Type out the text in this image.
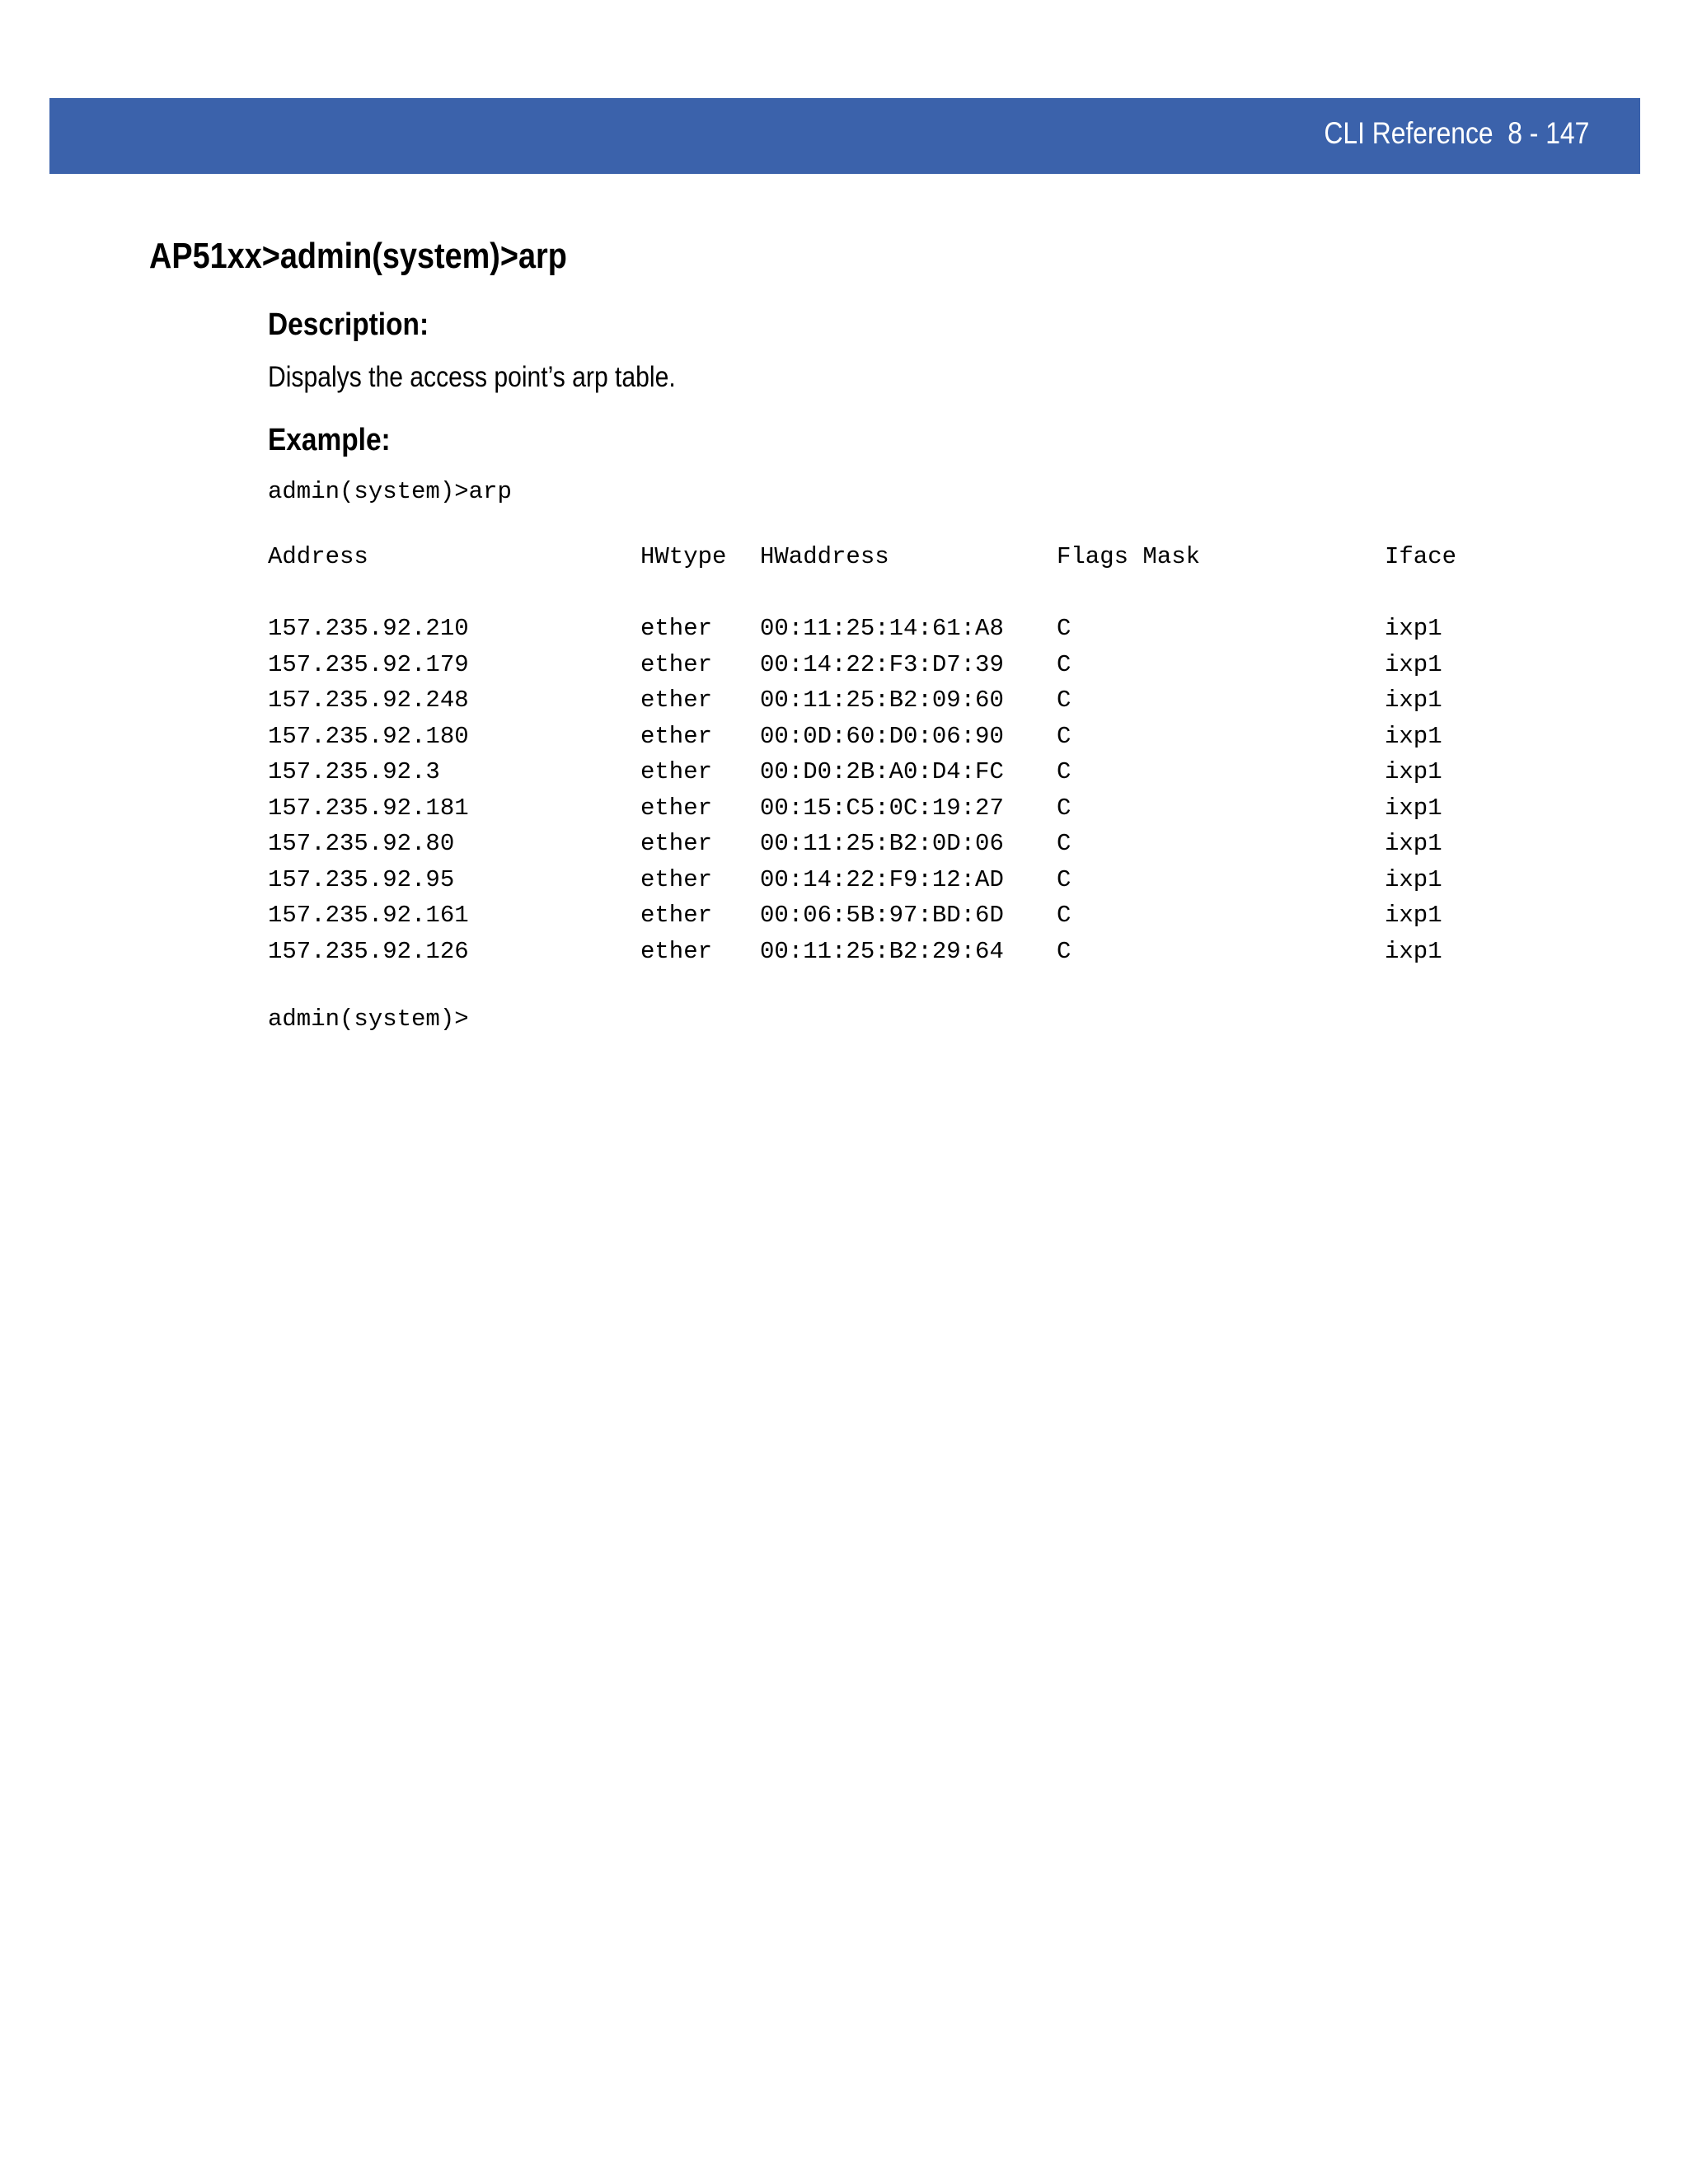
CLI Reference  8 - 147
AP51xx>admin(system)>arp
Description:
Dispalys the access point’s arp table.
Example:
admin(system)>arp
Address	HWtype HWaddress	Flags Mask	Iface
157.235.92.210	ether 00:11:25:14:61:A8 C	ixp1
157.235.92.179	ether 00:14:22:F3:D7:39 C	ixp1
157.235.92.248	ether 00:11:25:B2:09:60 C	ixp1
157.235.92.180	ether 00:0D:60:D0:06:90 C	ixp1
157.235.92.3	ether 00:D0:2B:A0:D4:FC C	ixp1
157.235.92.181	ether 00:15:C5:0C:19:27 C	ixp1
157.235.92.80	ether 00:11:25:B2:0D:06 C	ixp1
157.235.92.95	ether 00:14:22:F9:12:AD C	ixp1
157.235.92.161	ether 00:06:5B:97:BD:6D C	ixp1
157.235.92.126	ether 00:11:25:B2:29:64 C	ixp1
admin(system)>
